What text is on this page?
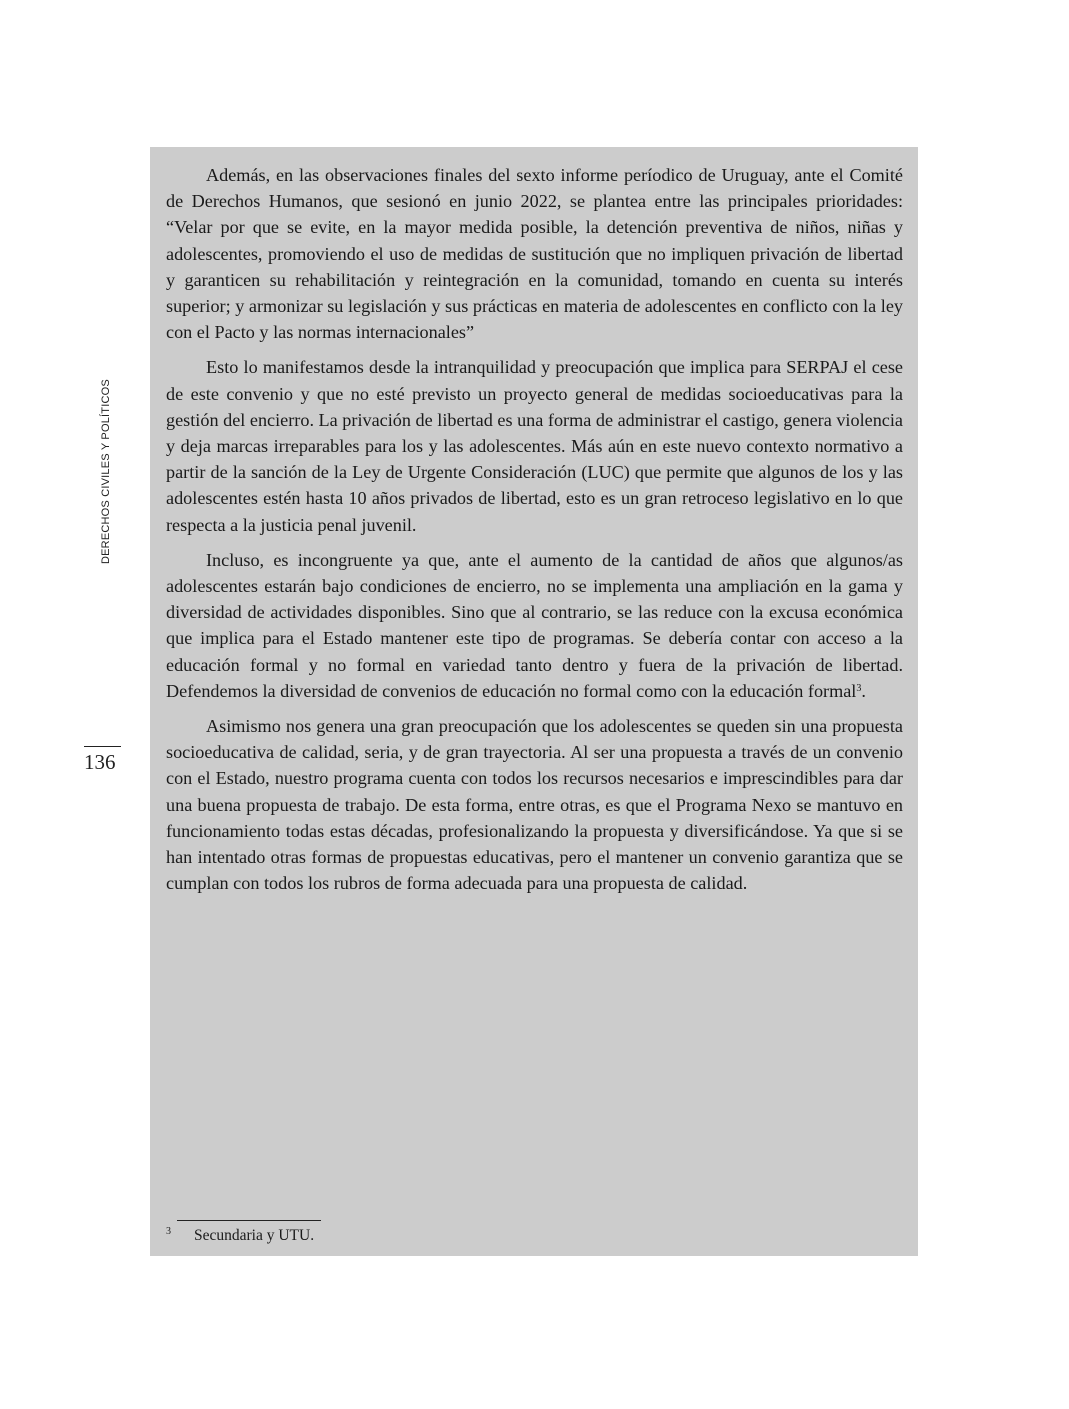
DERECHOS CIVILES Y POLÍTICOS
136

Además, en las observaciones finales del sexto informe períodico de Uruguay, ante el Comité de Derechos Humanos, que sesionó en junio 2022, se plantea entre las principales prioridades: “Velar por que se evite, en la mayor medida posible, la detención preventiva de niños, niñas y adolescentes, promoviendo el uso de medidas de sustitución que no impliquen privación de libertad y garanticen su rehabilitación y reintegración en la comunidad, tomando en cuenta su interés superior; y armonizar su legislación y sus prácticas en materia de adolescentes en conflicto con la ley con el Pacto y las normas internacionales”

Esto lo manifestamos desde la intranquilidad y preocupación que implica para SERPAJ el cese de este convenio y que no esté previsto un proyecto general de medidas socioeducativas para la gestión del encierro. La privación de libertad es una forma de administrar el castigo, genera violencia y deja marcas irreparables para los y las adolescentes. Más aún en este nuevo contexto normativo a partir de la sanción de la Ley de Urgente Consideración (LUC) que permite que algunos de los y las adolescentes estén hasta 10 años privados de libertad, esto es un gran retroceso legislativo en lo que respecta a la justicia penal juvenil.

Incluso, es incongruente ya que, ante el aumento de la cantidad de años que algunos/as adolescentes estarán bajo condiciones de encierro, no se implementa una ampliación en la gama y diversidad de actividades disponibles. Sino que al contrario, se las reduce con la excusa económica que implica para el Estado mantener este tipo de programas. Se debería contar con acceso a la educación formal y no formal en variedad tanto dentro y fuera de la privación de libertad. Defendemos la diversidad de convenios de educación no formal como con la educación formal$^3$.

Asimismo nos genera una gran preocupación que los adolescentes se queden sin una propuesta socioeducativa de calidad, seria, y de gran trayectoria. Al ser una propuesta a través de un convenio con el Estado, nuestro programa cuenta con todos los recursos necesarios e imprescindibles para dar una buena propuesta de trabajo. De esta forma, entre otras, es que el Programa Nexo se mantuvo en funcionamiento todas estas décadas, profesionalizando la propuesta y diversificándose. Ya que si se han intentado otras formas de propuestas educativas, pero el mantener un convenio garantiza que se cumplan con todos los rubros de forma adecuada para una propuesta de calidad.

3 Secundaria y UTU.
